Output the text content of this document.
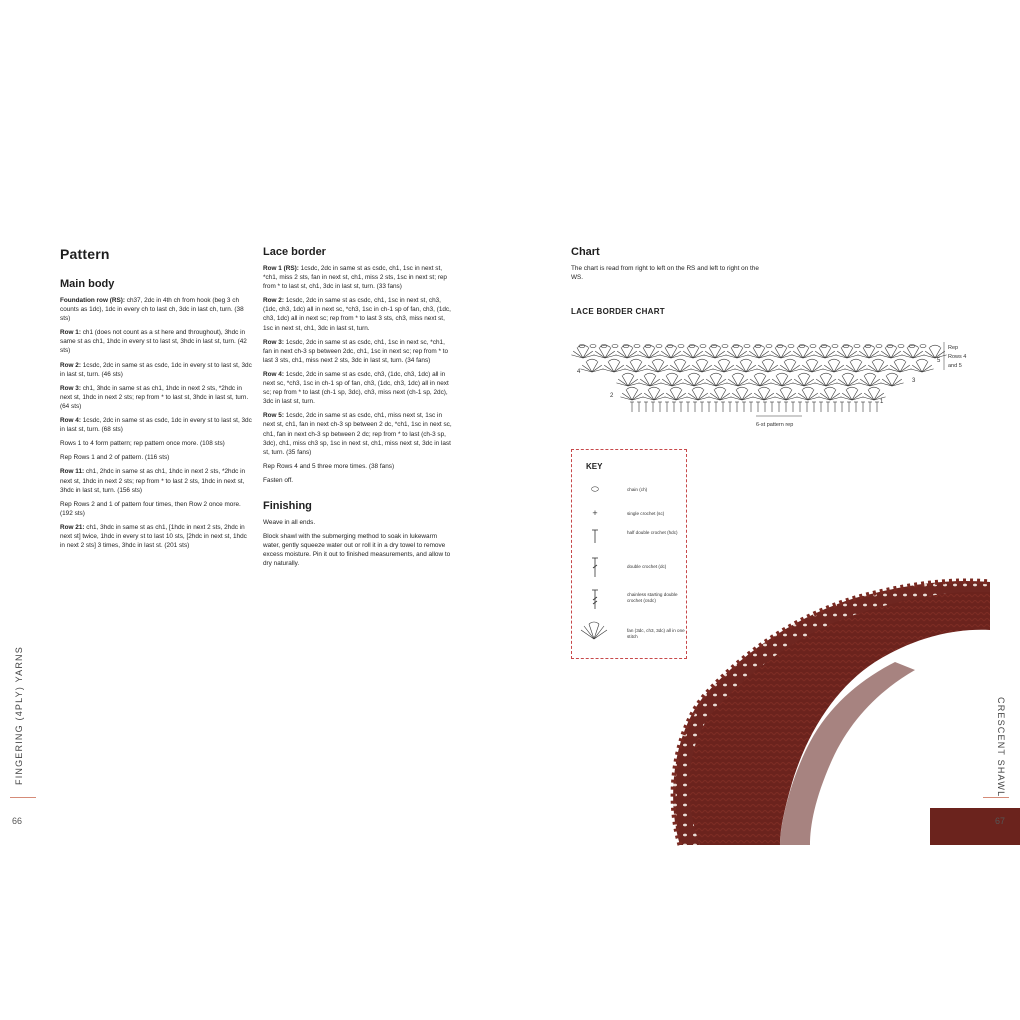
Pattern
Main body

Foundation row (RS): ch37, 2dc in 4th ch from hook (beg 3 ch counts as 1dc), 1dc in every ch to last ch, 3dc in last ch, turn. (38 sts)

Row 1: ch1 (does not count as a st here and throughout), 3hdc in same st as ch1, 1hdc in every st to last st, 3hdc in last st, turn. (42 sts)

Row 2: 1csdc, 2dc in same st as csdc, 1dc in every st to last st, 3dc in last st, turn. (46 sts)

Row 3: ch1, 3hdc in same st as ch1, 1hdc in next 2 sts, *2hdc in next st, 1hdc in next 2 sts; rep from * to last st, 3hdc in last st, turn. (64 sts)

Row 4: 1csdc, 2dc in same st as csdc, 1dc in every st to last st, 3dc in last st, turn. (68 sts)

Rows 1 to 4 form pattern; rep pattern once more. (108 sts)

Rep Rows 1 and 2 of pattern. (116 sts)

Row 11: ch1, 2hdc in same st as ch1, 1hdc in next 2 sts, *2hdc in next st, 1hdc in next 2 sts; rep from * to last 2 sts, 1hdc in next st, 3hdc in last st, turn. (156 sts)

Rep Rows 2 and 1 of pattern four times, then Row 2 once more. (192 sts)

Row 21: ch1, 3hdc in same st as ch1, [1hdc in next 2 sts, 2hdc in next st] twice, 1hdc in every st to last 10 sts, [2hdc in next st, 1hdc in next 2 sts] 3 times, 3hdc in last st. (201 sts)

Lace border

Row 1 (RS): 1csdc, 2dc in same st as csdc, ch1, 1sc in next st, *ch1, miss 2 sts, fan in next st, ch1, miss 2 sts, 1sc in next st; rep from * to last st, ch1, 3dc in last st, turn. (33 fans)

Row 2: 1csdc, 2dc in same st as csdc, ch1, 1sc in next st, ch3, (1dc, ch3, 1dc) all in next sc, *ch3, 1sc in ch-1 sp of fan, ch3, (1dc, ch3, 1dc) all in next sc; rep from * to last 3 sts, ch3, miss next st, 1sc in next st, ch1, 3dc in last st, turn.

Row 3: 1csdc, 2dc in same st as csdc, ch1, 1sc in next sc, *ch1, fan in next ch-3 sp between 2dc, ch1, 1sc in next sc; rep from * to last 3 sts, ch1, miss next 2 sts, 3dc in last st, turn. (34 fans)

Row 4: 1csdc, 2dc in same st as csdc, ch3, (1dc, ch3, 1dc) all in next sc, *ch3, 1sc in ch-1 sp of fan, ch3, (1dc, ch3, 1dc) all in next sc; rep from * to last (ch-1 sp, 3dc), ch3, miss next (ch-1 sp, 2dc), 3dc in last st, turn.

Row 5: 1csdc, 2dc in same st as csdc, ch1, miss next st, 1sc in next st, ch1, fan in next ch-3 sp between 2 dc, *ch1, 1sc in next sc, ch1, fan in next ch-3 sp between 2 dc; rep from * to last (ch-3 sp, 3dc), ch1, miss ch3 sp, 1sc in next st, ch1, miss next st, 3dc in last st, turn. (35 fans)

Rep Rows 4 and 5 three more times. (38 fans)

Fasten off.

Finishing

Weave in all ends.

Block shawl with the submerging method to soak in lukewarm water, gently squeeze water out or roll it in a dry towel to remove excess moisture. Pin it out to finished measurements, and allow to dry naturally.

Chart

The chart is read from right to left on the RS and left to right on the WS.

LACE BORDER CHART
4
2
5
3
1
Rep
Rows 4
and 5
6-st pattern rep
KEY
⬭	chain (ch)
+	single crochet (sc)
half double crochet (hdc)
double crochet (dc)
chainless starting double crochet (csdc)
fan (3dc, ch3, 3dc) all in one stitch
FINGERING (4PLY) YARNS
66
CRESCENT SHAWL
67
